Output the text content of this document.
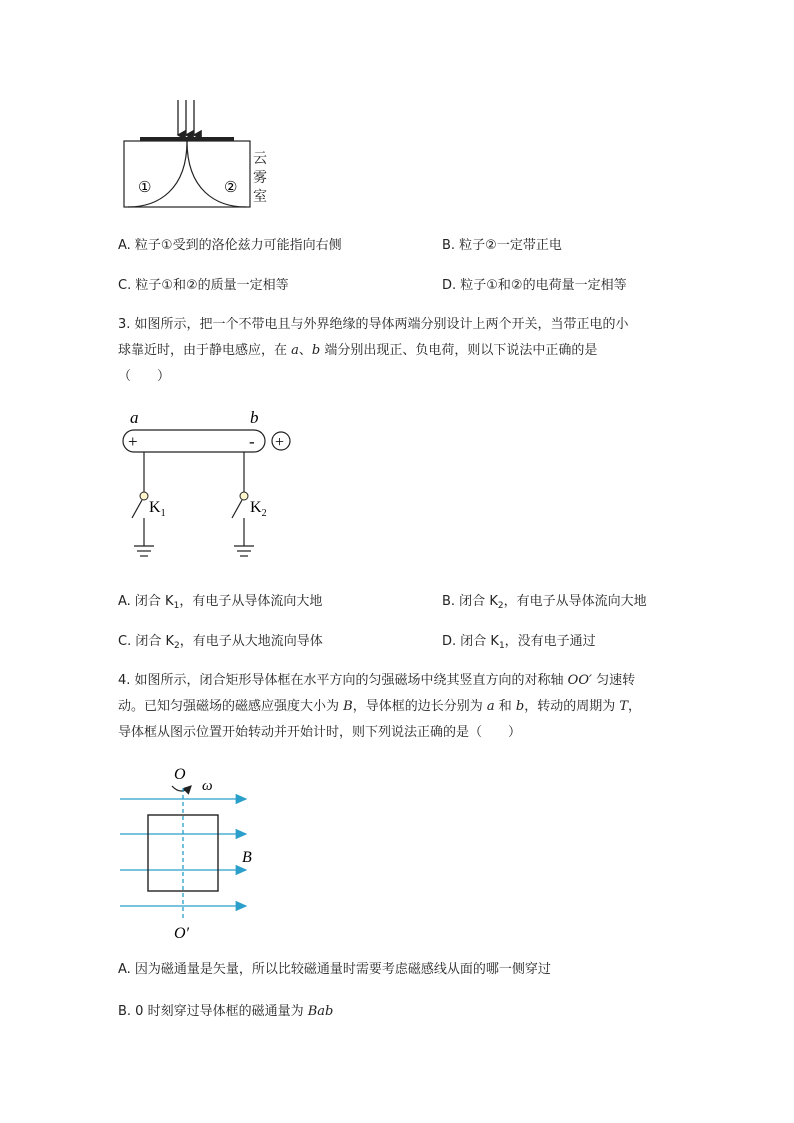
①	②
云
雾
室
A. 粒子①受到的洛伦兹力可能指向右侧	B. 粒子②一定带正电
C. 粒子①和②的质量一定相等	D. 粒子①和②的电荷量一定相等
3. 如图所示，把一个不带电且与外界绝缘的导体两端分别设计上两个开关，当带正电的小
球靠近时，由于静电感应，在 a、b 端分别出现正、负电荷，则以下说法中正确的是
（　　）
a	b
+	- +
$K_1$	$K_2$
A. 闭合 $K_1$，有电子从导体流向大地	B. 闭合 $K_2$，有电子从导体流向大地
C. 闭合 $K_2$，有电子从大地流向导体	D. 闭合 $K_1$，没有电子通过
4. 如图所示，闭合矩形导体框在水平方向的匀强磁场中绕其竖直方向的对称轴 OO′ 匀速转
动。已知匀强磁场的磁感应强度大小为 B，导体框的边长分别为 a 和 b，转动的周期为 T，
导体框从图示位置开始转动并开始计时，则下列说法正确的是（　　）
O
ω
B
O′
A. 因为磁通量是矢量，所以比较磁通量时需要考虑磁感线从面的哪一侧穿过
B. 0 时刻穿过导体框的磁通量为 Bab
